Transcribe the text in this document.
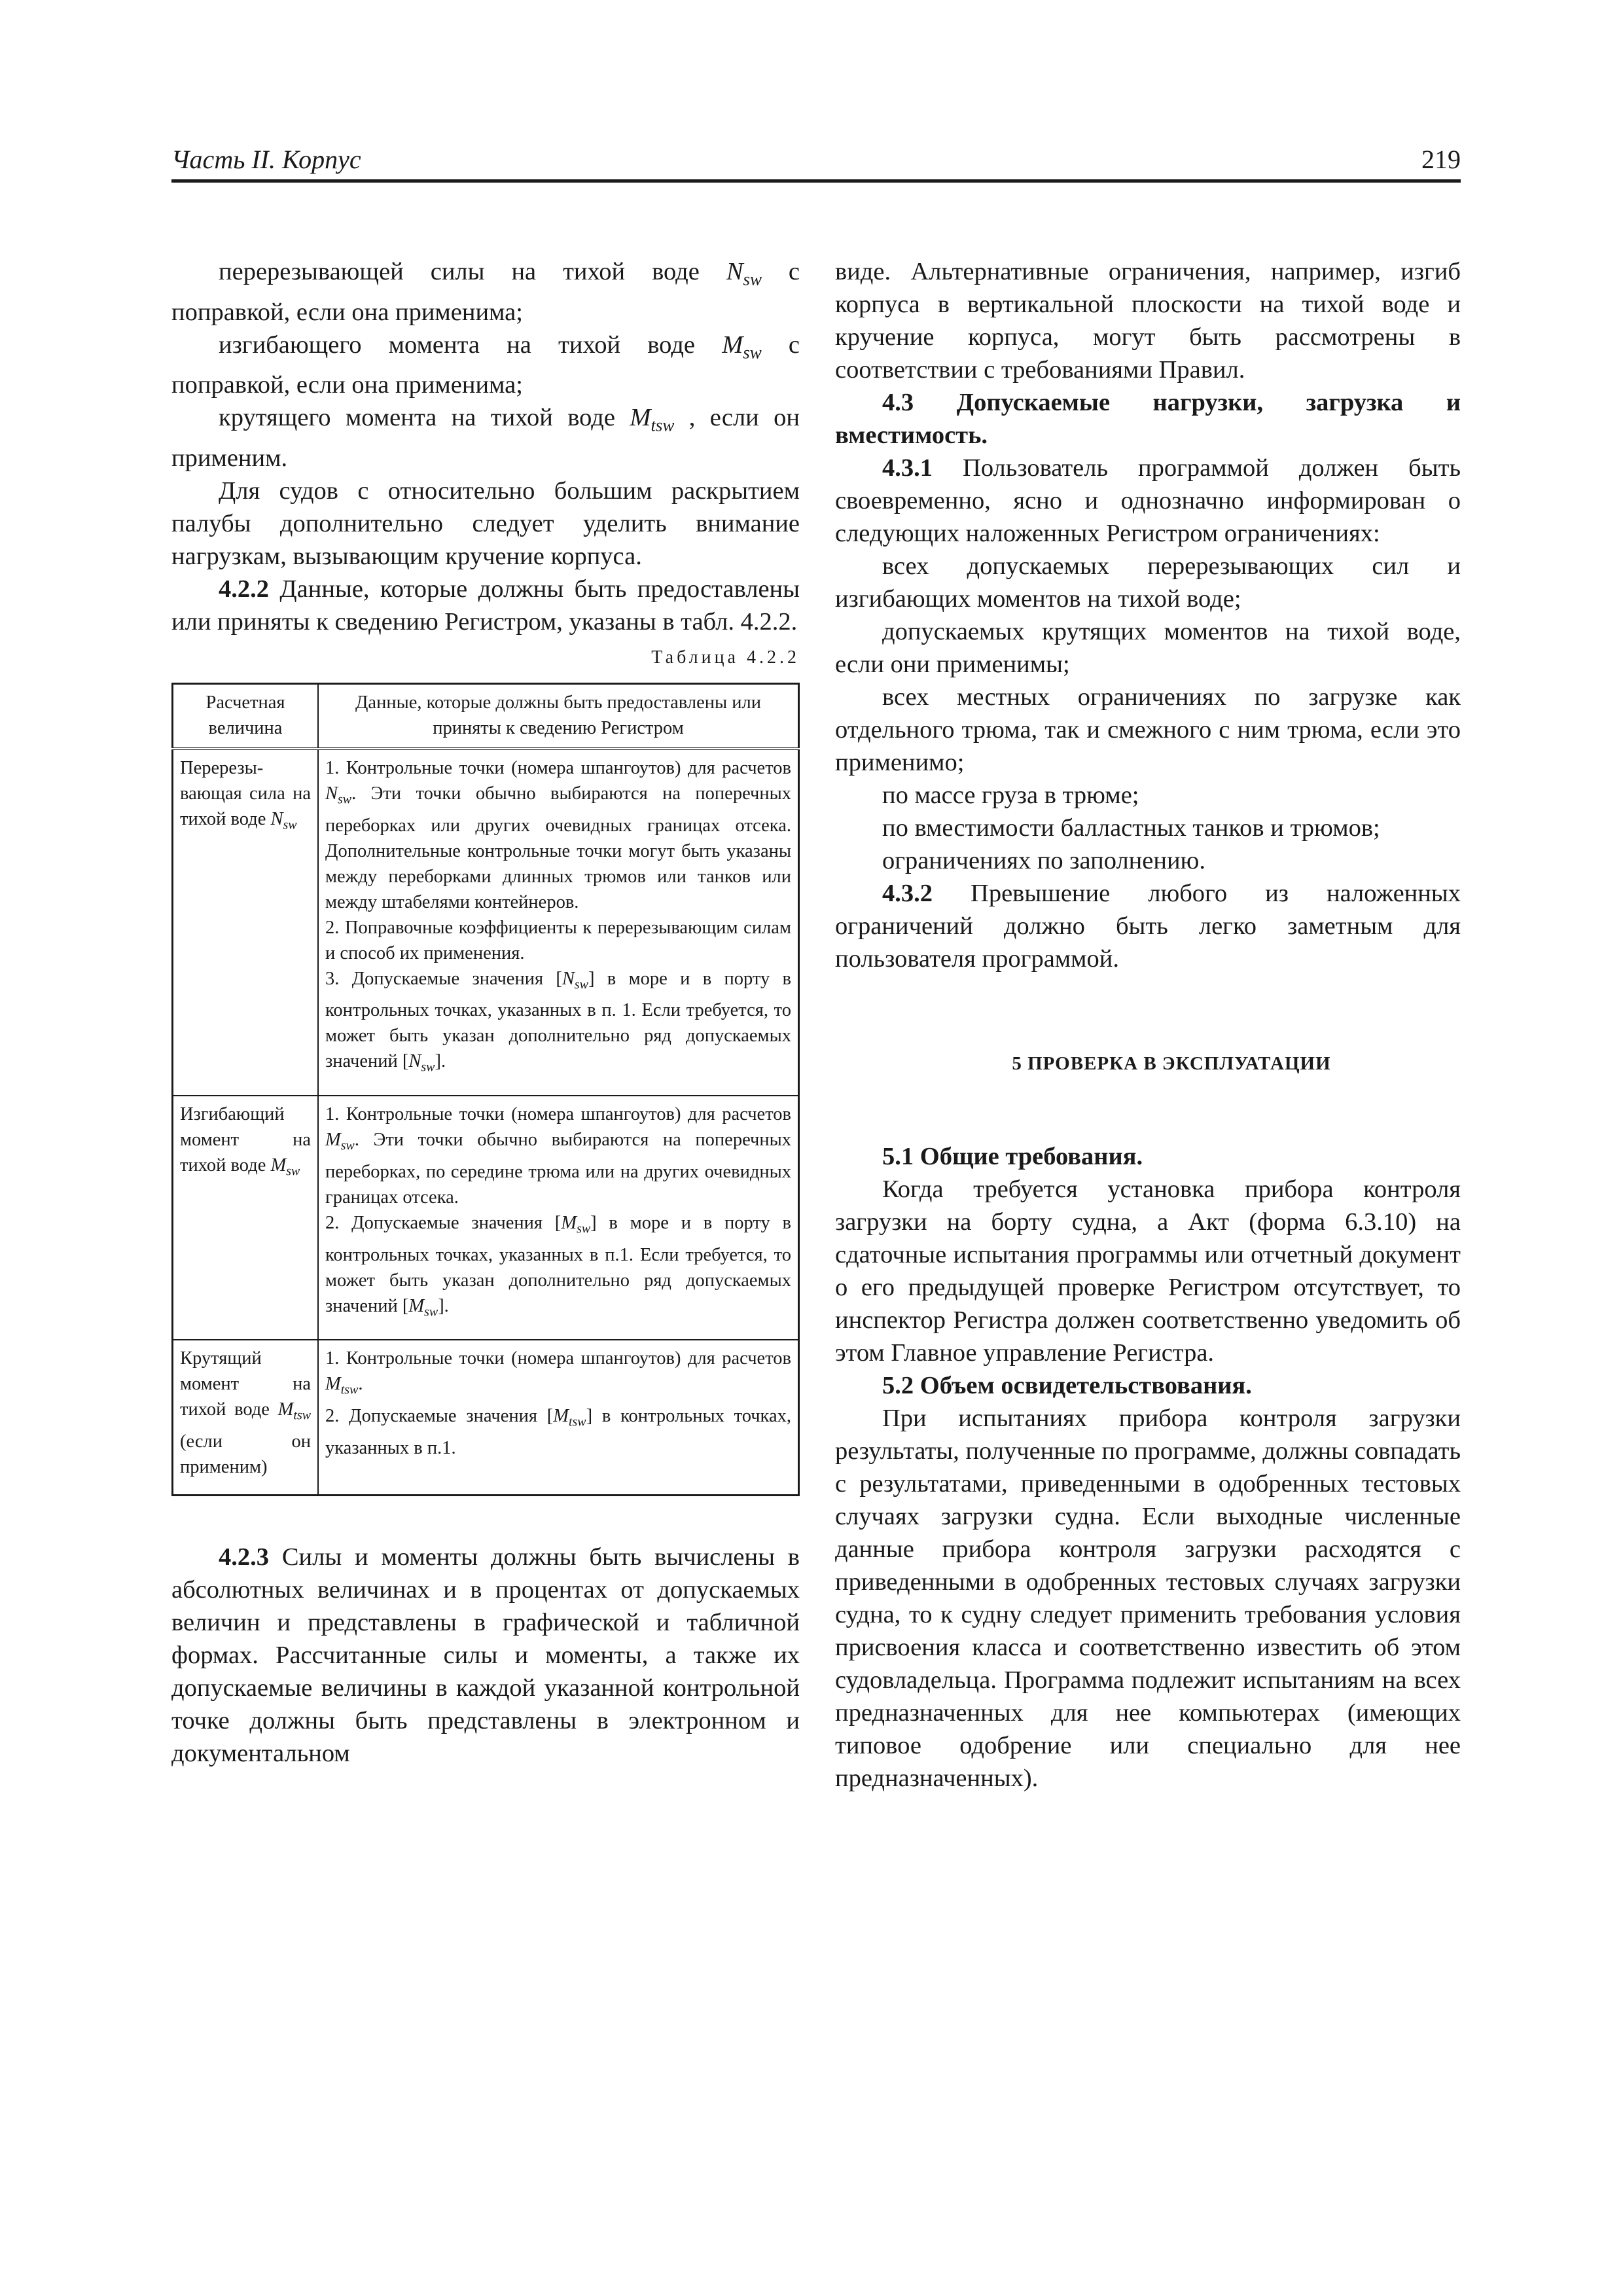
Часть II. Корпус	219

перерезывающей силы на тихой воде $N_{sw}$ с поправкой, если она применима;

изгибающего момента на тихой воде $M_{sw}$ с поправкой, если она применима;

крутящего момента на тихой воде $M_{tsw}$ , если он применим.

Для судов с относительно большим раскрытием палубы дополнительно следует уделить внимание нагрузкам, вызывающим кручение корпуса.

4.2.2 Данные, которые должны быть предоставлены или приняты к сведению Регистром, указаны в табл. 4.2.2.

Таблица 4.2.2
Расчетная величина	Данные, которые должны быть предоставлены или приняты к сведению Регистром
Перерезы-вающая сила на тихой воде $N_{sw}$	1. Контрольные точки (номера шпангоутов) для расчетов $N_{sw}$. Эти точки обычно выбираются на поперечных переборках или других очевидных границах отсека. Дополнительные контрольные точки могут быть указаны между переборками длинных трюмов или танков или между штабелями контейнеров.
2. Поправочные коэффициенты к перерезывающим силам и способ их применения.
3. Допускаемые значения $[N_{sw}]$ в море и в порту в контрольных точках, указанных в п. 1. Если требуется, то может быть указан дополнительно ряд допускаемых значений $[N_{sw}]$.

Изгибающий момент на тихой воде $M_{sw}$	1. Контрольные точки (номера шпангоутов) для расчетов $M_{sw}$. Эти точки обычно выбираются на поперечных переборках, по середине трюма или на других очевидных границах отсека.
2. Допускаемые значения $[M_{sw}]$ в море и в порту в контрольных точках, указанных в п.1. Если требуется, то может быть указан дополнительно ряд допускаемых значений $[M_{sw}]$.

Крутящий момент на тихой воде $M_{tsw}$ (если он применим)	1. Контрольные точки (номера шпангоутов) для расчетов $M_{tsw}$.
2. Допускаемые значения $[M_{tsw}]$ в контрольных точках, указанных в п.1.

4.2.3 Силы и моменты должны быть вычислены в абсолютных величинах и в процентах от допускаемых величин и представлены в графической и табличной формах. Рассчитанные силы и моменты, а также их допускаемые величины в каждой указанной контрольной точке должны быть представлены в электронном и документальном

виде. Альтернативные ограничения, например, изгиб корпуса в вертикальной плоскости на тихой воде и кручение корпуса, могут быть рассмотрены в соответствии с требованиями Правил.

4.3 Допускаемые нагрузки, загрузка и вместимость.

4.3.1 Пользователь программой должен быть своевременно, ясно и однозначно информирован о следующих наложенных Регистром ограничениях:

всех допускаемых перерезывающих сил и изгибающих моментов на тихой воде;

допускаемых крутящих моментов на тихой воде, если они применимы;

всех местных ограничениях по загрузке как отдельного трюма, так и смежного с ним трюма, если это применимо;

по массе груза в трюме;

по вместимости балластных танков и трюмов;

ограничениях по заполнению.

4.3.2 Превышение любого из наложенных ограничений должно быть легко заметным для пользователя программой.

5 ПРОВЕРКА В ЭКСПЛУАТАЦИИ

5.1 Общие требования.

Когда требуется установка прибора контроля загрузки на борту судна, а Акт (форма 6.3.10) на сдаточные испытания программы или отчетный документ о его предыдущей проверке Регистром отсутствует, то инспектор Регистра должен соответственно уведомить об этом Главное управление Регистра.

5.2 Объем освидетельствования.

При испытаниях прибора контроля загрузки результаты, полученные по программе, должны совпадать с результатами, приведенными в одобренных тестовых случаях загрузки судна. Если выходные численные данные прибора контроля загрузки расходятся с приведенными в одобренных тестовых случаях загрузки судна, то к судну следует применить требования условия присвоения класса и соответственно известить об этом судовладельца. Программа подлежит испытаниям на всех предназначенных для нее компьютерах (имеющих типовое одобрение или специально для нее предназначенных).
